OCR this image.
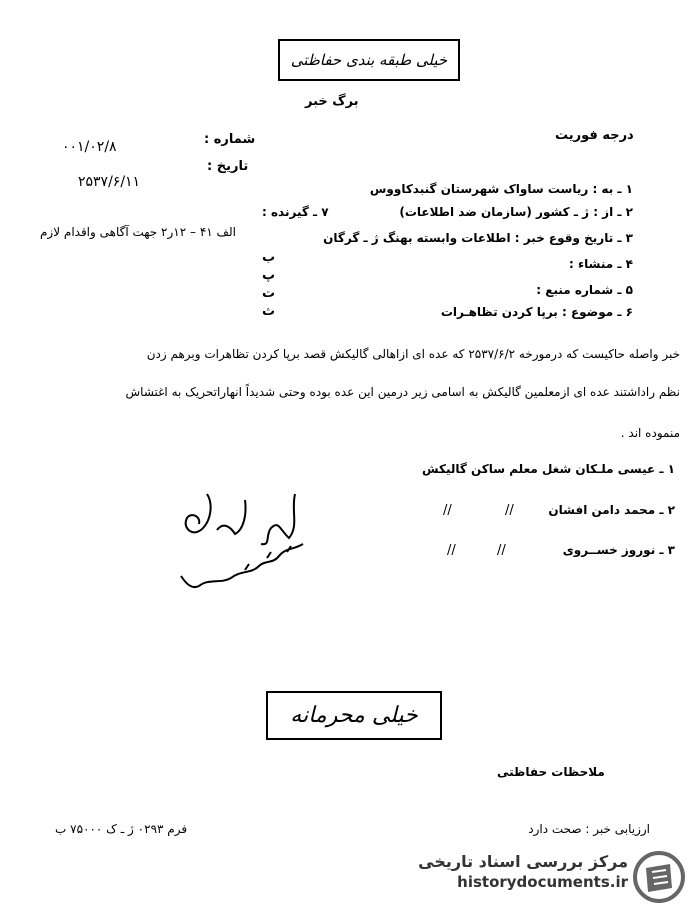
خیلی طبقه بندی حفاظتی
برگ خبر
درجه فوریت
شماره :
۰۰۱/۰۲/۸
تاریخ :
۲۵۳۷/۶/۱۱	۱ ـ به : ریاست ساواک شهرستان گنبدکاووس
۲ ـ از : ژ ـ کشور (سازمان ضد اطلاعات)
۳ ـ تاریخ وقوع خبر : اطلاعات وابسته بهنگ ژ ـ گرگان
۴ ـ منشاء :
۵ ـ شماره منبع :
۶ ـ موضوع : برپا کردن تظاهـرات
۷ ـ گیرنده :
الف ۴۱ – ۱۲ر۲ جهت آگاهی واقدام لازم
ب
پ
ت
ث
خبر واصله حاکیست که درمورخه ۲۵۳۷/۶/۲ که عده ای ازاهالی گالیکش قصد برپا کردن تظاهرات وبرهم زدن
نظم راداشتند عده ای ازمعلمین گالیکش به اسامی زیر درمین این عده بوده وحتی شدیداً انهاراتحریک به اغتشاش
منموده اند .
۱ ـ عیسی ملـکان شغل معلم ساکن گالیکش
۲ ـ محمد دامن افشان
//
//
۳ ـ نوروز خســروی
//
//
خیلی محرمانه
ملاحظات حفاظتی
ارزیابی خبر : صحت دارد
فرم ۰۲۹۳ ژ ـ ک ۷۵۰۰۰ ب
مرکز بررسی اسناد تاریخی
historydocuments.ir
